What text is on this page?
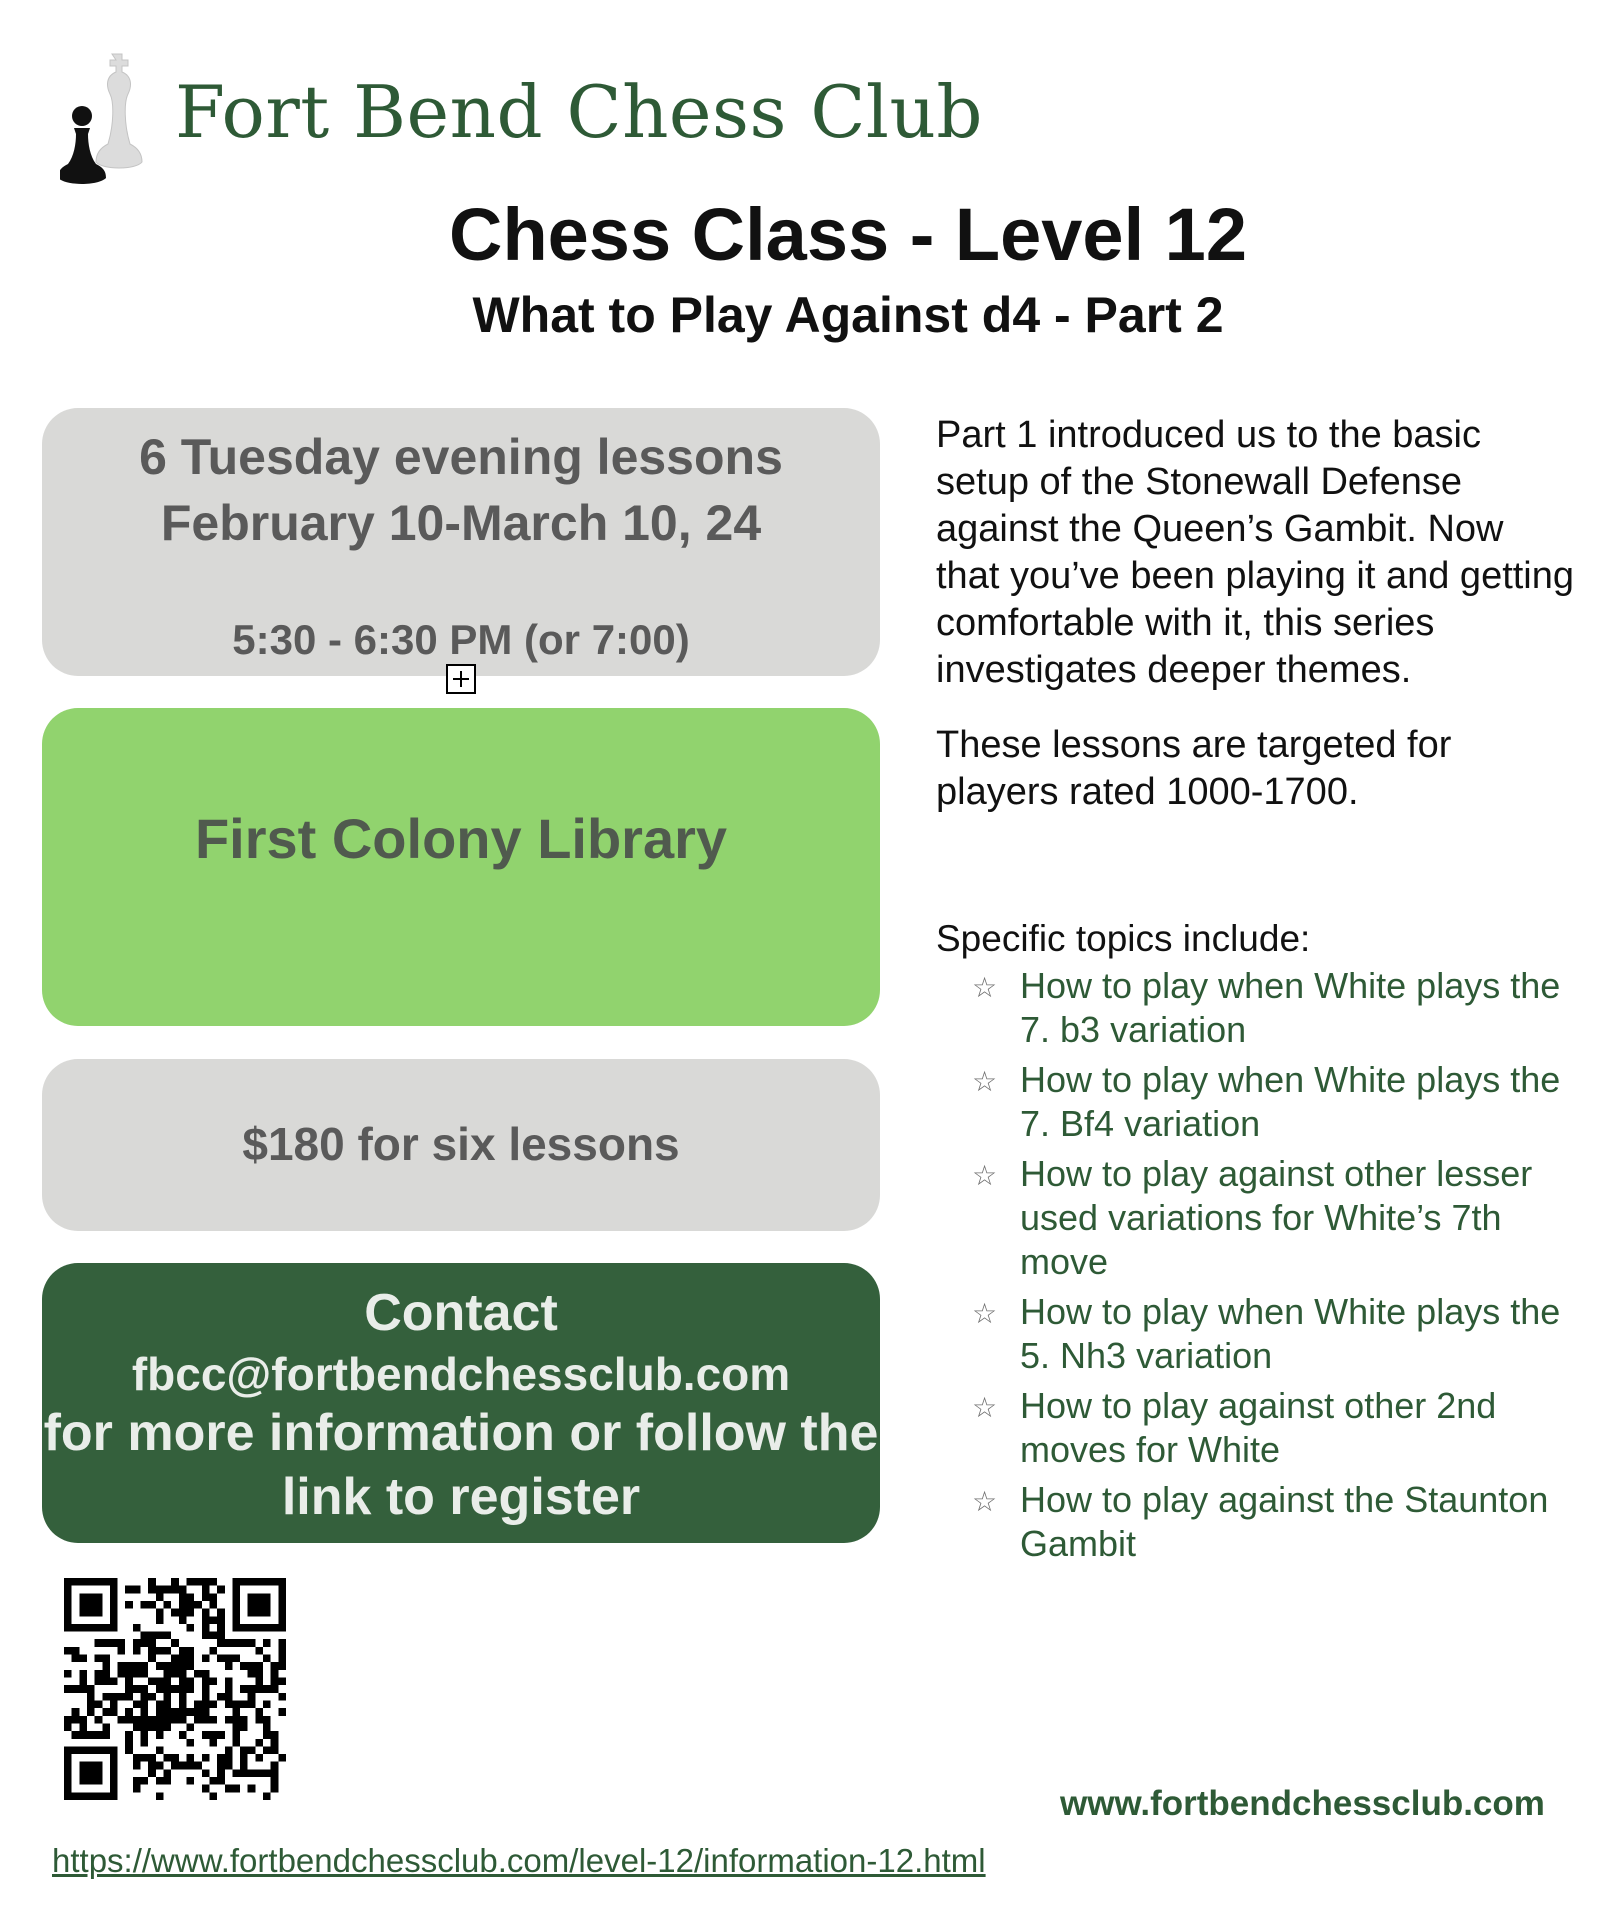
Fort Bend Chess Club
Chess Class - Level 12
What to Play Against d4 - Part 2
6 Tuesday evening lessons
February 10-March 10, 24
5:30 - 6:30 PM (or 7:00)
First Colony Library
$180 for six lessons
Contact
fbcc@fortbendchessclub.com
for more information or follow the
link to register

Part 1 introduced us to the basic setup of the Stonewall Defense against the Queen’s Gambit. Now that you’ve been playing it and getting comfortable with it, this series investigates deeper themes.

These lessons are targeted for players rated 1000-1700.

Specific topics include:
☆ How to play when White plays the 7. b3 variation
☆ How to play when White plays the 7. Bf4 variation
☆ How to play against other lesser used variations for White’s 7th move
☆ How to play when White plays the 5. Nh3 variation
☆ How to play against other 2nd moves for White
☆ How to play against the Staunton Gambit
www.fortbendchessclub.com
https://www.fortbendchessclub.com/level-12/information-12.html
